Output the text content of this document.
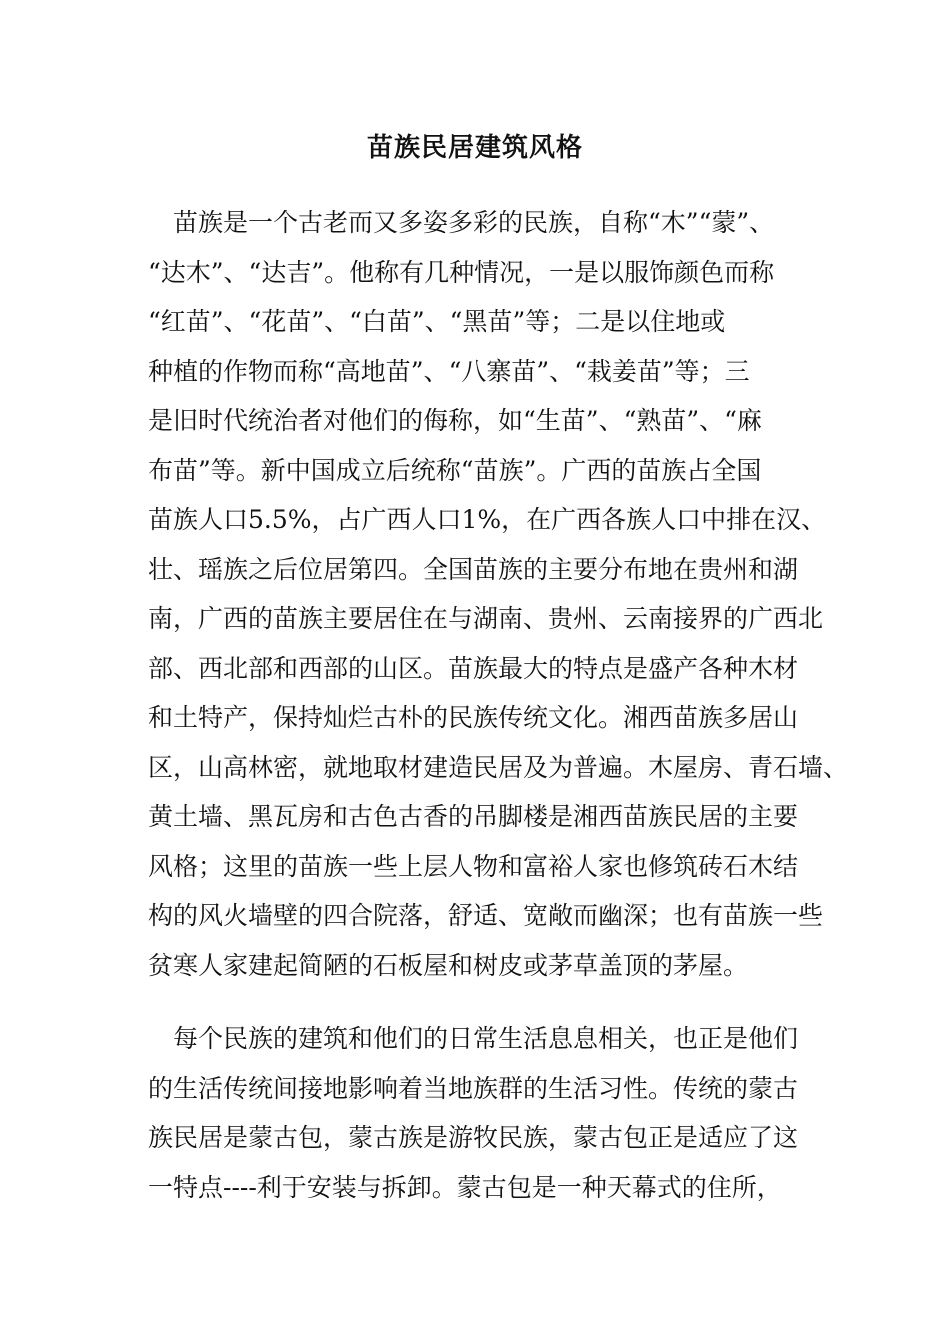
苗族民居建筑风格
　苗族是一个古老而又多姿多彩的民族，自称“木”“蒙”、
“达木”、“达吉”。他称有几种情况，一是以服饰颜色而称
“红苗”、“花苗”、“白苗”、“黑苗”等；二是以住地或
种植的作物而称“高地苗”、“八寨苗”、“栽姜苗”等；三
是旧时代统治者对他们的侮称，如“生苗”、“熟苗”、“麻
布苗”等。新中国成立后统称“苗族”。广西的苗族占全国
苗族人口5.5%，占广西人口1%，在广西各族人口中排在汉、
壮、瑶族之后位居第四。全国苗族的主要分布地在贵州和湖
南，广西的苗族主要居住在与湖南、贵州、云南接界的广西北
部、西北部和西部的山区。苗族最大的特点是盛产各种木材
和土特产，保持灿烂古朴的民族传统文化。湘西苗族多居山
区，山高林密，就地取材建造民居及为普遍。木屋房、青石墙、
黄土墙、黑瓦房和古色古香的吊脚楼是湘西苗族民居的主要
风格；这里的苗族一些上层人物和富裕人家也修筑砖石木结
构的风火墙壁的四合院落，舒适、宽敞而幽深；也有苗族一些
贫寒人家建起简陋的石板屋和树皮或茅草盖顶的茅屋。
　每个民族的建筑和他们的日常生活息息相关，也正是他们
的生活传统间接地影响着当地族群的生活习性。传统的蒙古
族民居是蒙古包，蒙古族是游牧民族，蒙古包正是适应了这
一特点----利于安装与拆卸。蒙古包是一种天幕式的住所，
